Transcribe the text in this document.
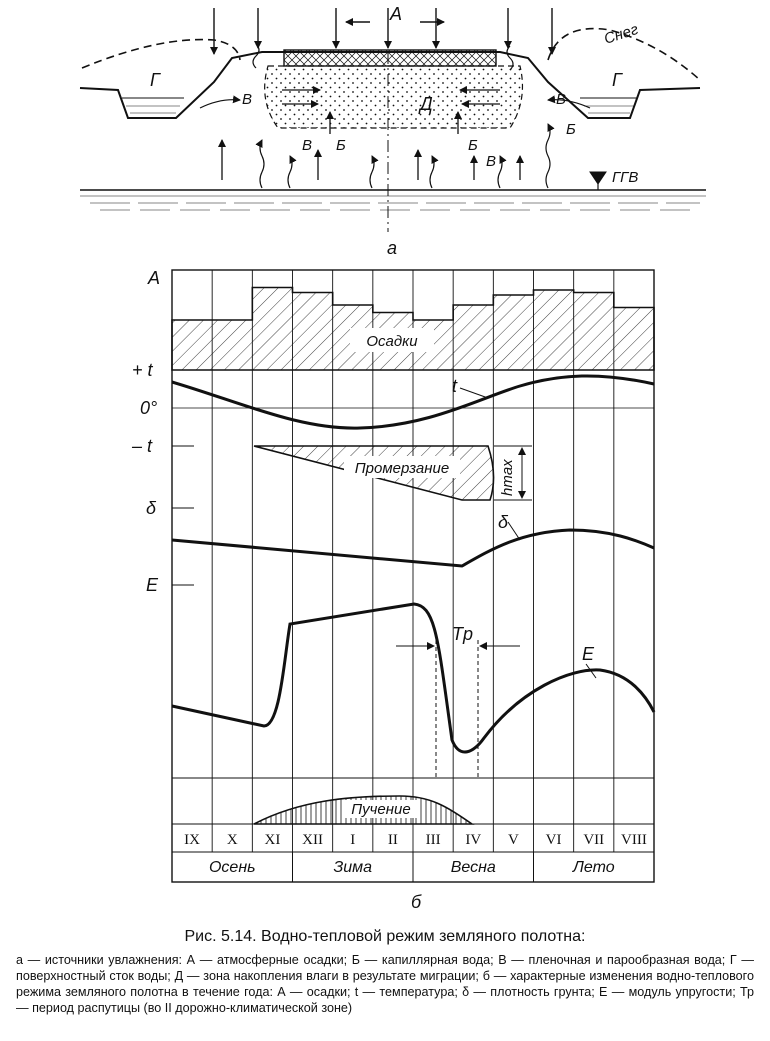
А
Снег
Г	Г
В	В
Д
Б	Б
Б
В
В
ГГВ
а
Осадки
t
Промерзание	hmax
δ
E
Tp
Пучение
А
+ t
0°
– t
δ
E
IX X XI XII I II III IV V VI VII VIII
Осень	Зима	Весна	Лето
б
Рис. 5.14. Водно-тепловой режим земляного полотна:
а — источники увлажнения: А — атмосферные осадки; Б — капиллярная вода; В — пленочная и парообразная вода; Г — поверхностный сток воды; Д — зона накопления влаги в результате миграции; б — характерные изменения водно-теплового режима земляного полотна в течение года: А — осадки; t — температура; δ — плотность грунта; Е — модуль упругости; Тр — период распутицы (во II дорожно-климатической зоне)
